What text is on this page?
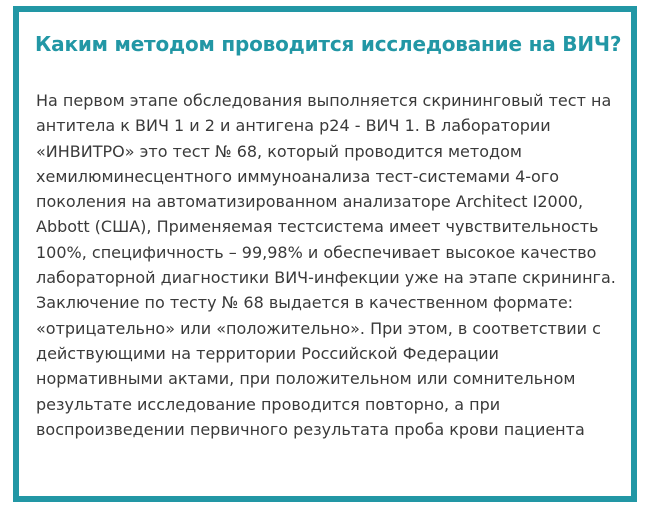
Каким методом проводится исследование на ВИЧ?

На первом этапе обследования выполняется скрининговый тест на
антитела к ВИЧ 1 и 2 и антигена р24 - ВИЧ 1. В лаборатории
«ИНВИТРО» это тест № 68, который проводится методом
хемилюминесцентного иммуноанализа тест-системами 4-ого
поколения на автоматизированном анализаторе Architect I2000,
Abbott (США), Применяемая тестсистема имеет чувствительность
100%, специфичность – 99,98% и обеспечивает высокое качество
лабораторной диагностики ВИЧ-инфекции уже на этапе скрининга.
Заключение по тесту № 68 выдается в качественном формате:
«отрицательно» или «положительно». При этом, в соответствии с
действующими на территории Российской Федерации
нормативными актами, при положительном или сомнительном
результате исследование проводится повторно, а при
воспроизведении первичного результата проба крови пациента
